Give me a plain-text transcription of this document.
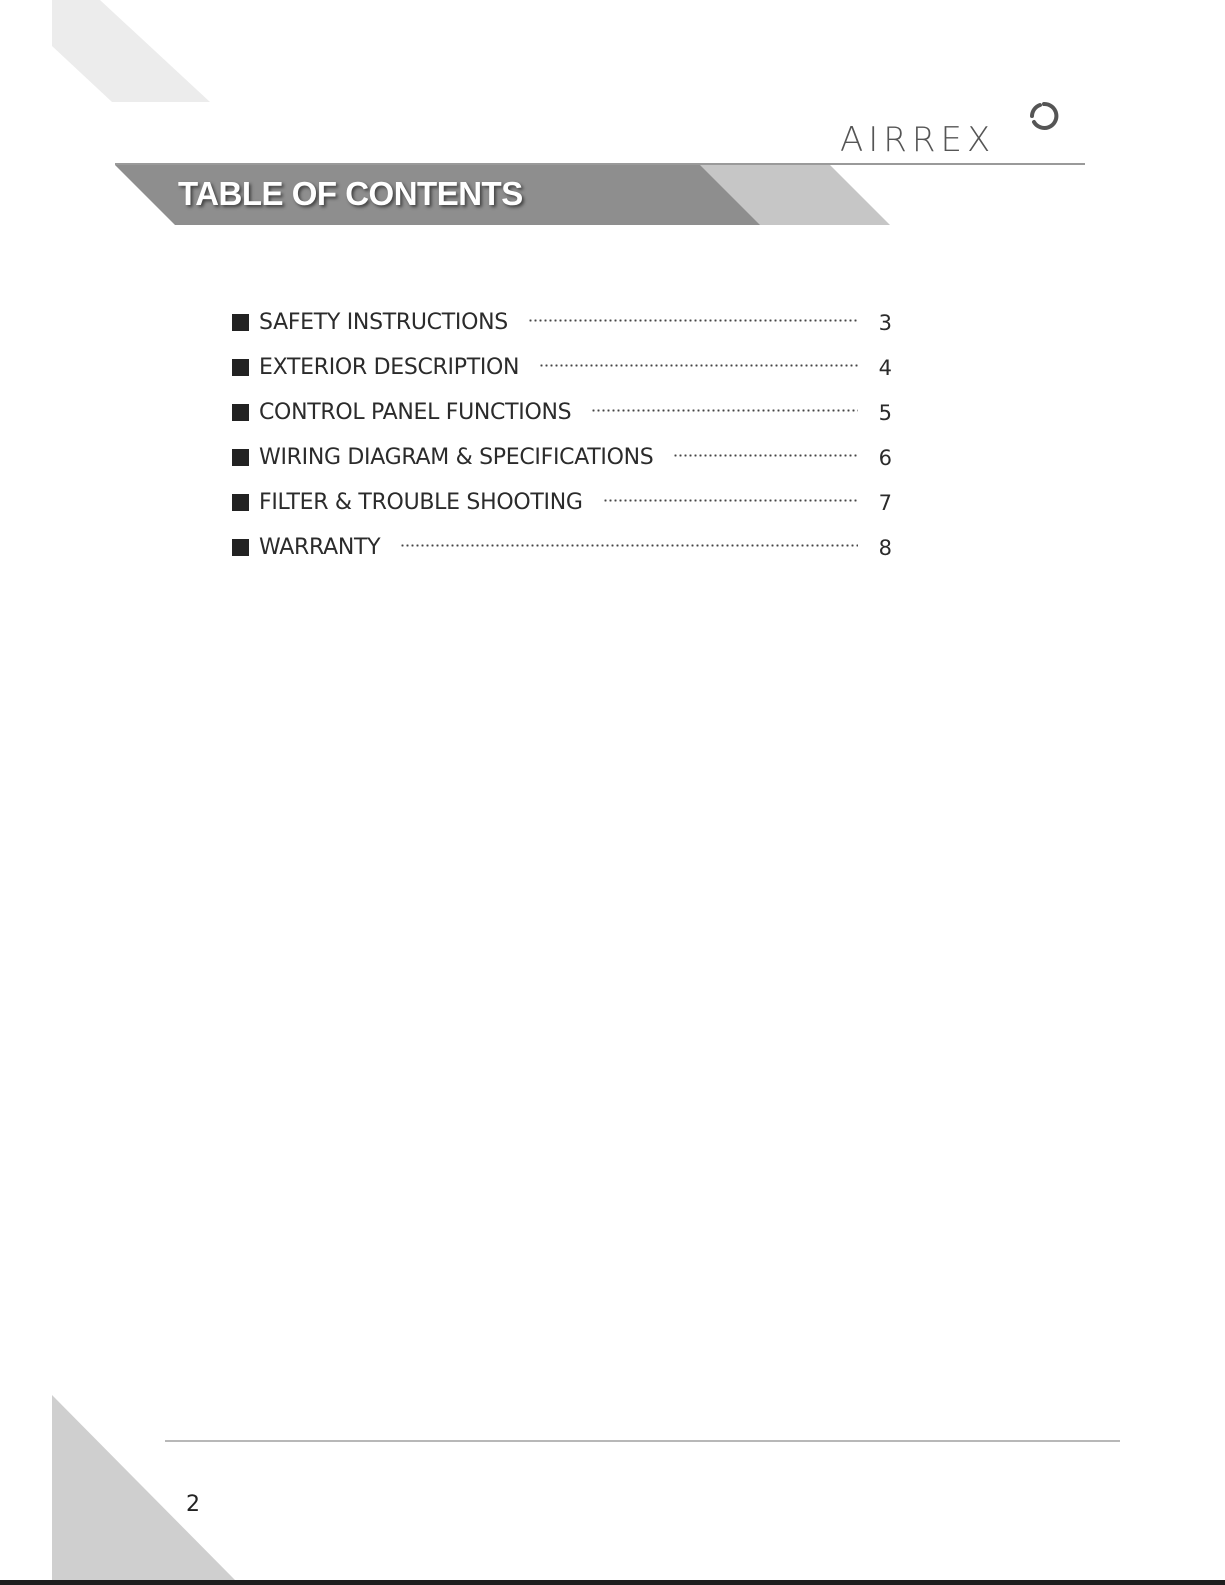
AIRREX
TABLE OF CONTENTS
SAFETY INSTRUCTIONS	3
EXTERIOR DESCRIPTION	4
CONTROL PANEL FUNCTIONS	5
WIRING DIAGRAM & SPECIFICATIONS	6
FILTER & TROUBLE SHOOTING	7
WARRANTY	8
2
